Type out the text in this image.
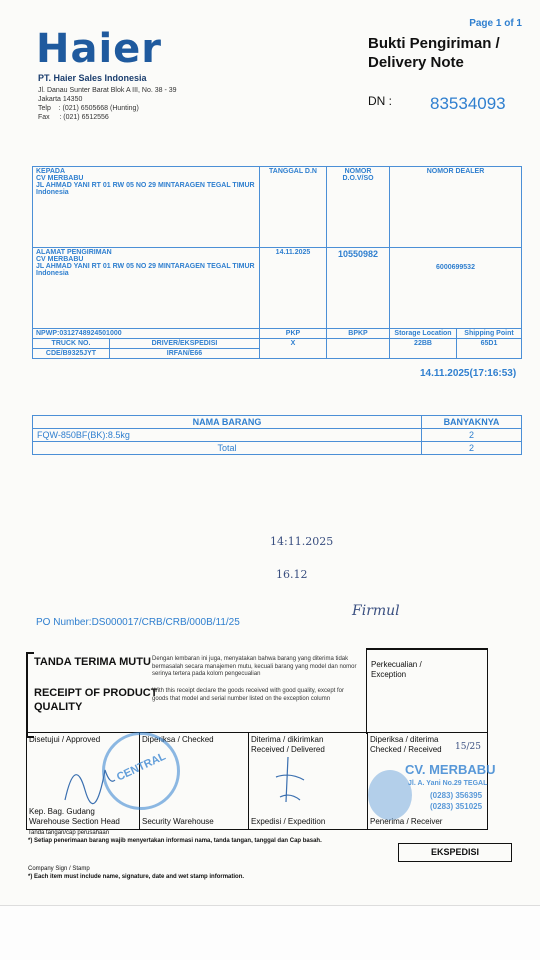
Haier
PT. Haier Sales Indonesia
Jl. Danau Sunter Barat Blok A III, No. 38 - 39
Jakarta 14350
Telp    : (021) 6505668 (Hunting)
Fax     : (021) 6512556
Page 1 of 1
Bukti Pengiriman /
Delivery Note
DN : 83534093
KEPADA
CV MERBABU
JL AHMAD YANI RT 01 RW 05 NO 29 MINTARAGEN TEGAL TIMUR
Indonesia
	TANGGAL D.N	NOMOR D.O.V/SO	NOMOR DEALER

ALAMAT PENGIRIMAN
CV MERBABU
JL AHMAD YANI RT 01 RW 05 NO 29 MINTARAGEN TEGAL TIMUR
Indonesia
	14.11.2025	10550982	6000699532
NPWP:0312748924501000	PKP	BPKP	Storage Location	Shipping Point

TRUCK NO.	DRIVER/EKSPEDISI
CDE/B9325JYT	IRFAN/E66
	X		22BB	65D1
14.11.2025(17:16:53)
NAMA BARANG	BANYAKNYA
FQW-850BF(BK):8.5kg	2
Total	2
14:11.2025
16.12
PO Number:DS000017/CRB/CRB/000B/11/25
Firmul
TANDA TERIMA MUTU
RECEIPT OF PRODUCT
QUALITY
Dengan lembaran ini juga, menyatakan bahwa barang yang diterima tidak bermasalah secara manajemen mutu, kecuali barang yang model dan nomor serinya tertera pada kolom pengecualian
With this receipt declare the goods received with good quality, except for goods that model and serial number listed on the exception column
Perkecualian /
Exception
Disetujui / Approved
Kep. Bag. Gudang
Warehouse Section Head
Diperiksa / Checked
Security Warehouse
Diterima / dikirimkan
Received / Delivered
Expedisi / Expedition
Diperiksa / diterima
Checked / Received
Penerima / Receiver
CENTRAL	CV. MERBABU
Jl. A. Yani No.29 TEGAL
(0283) 356395
(0283) 351025
15/25
Tanda tangan/cap perusahaan
*) Setiap penerimaan barang wajib menyertakan informasi nama, tanda tangan, tanggal dan Cap basah.
Company Sign / Stamp
*) Each item must include name, signature, date and wet stamp information.
EKSPEDISI
